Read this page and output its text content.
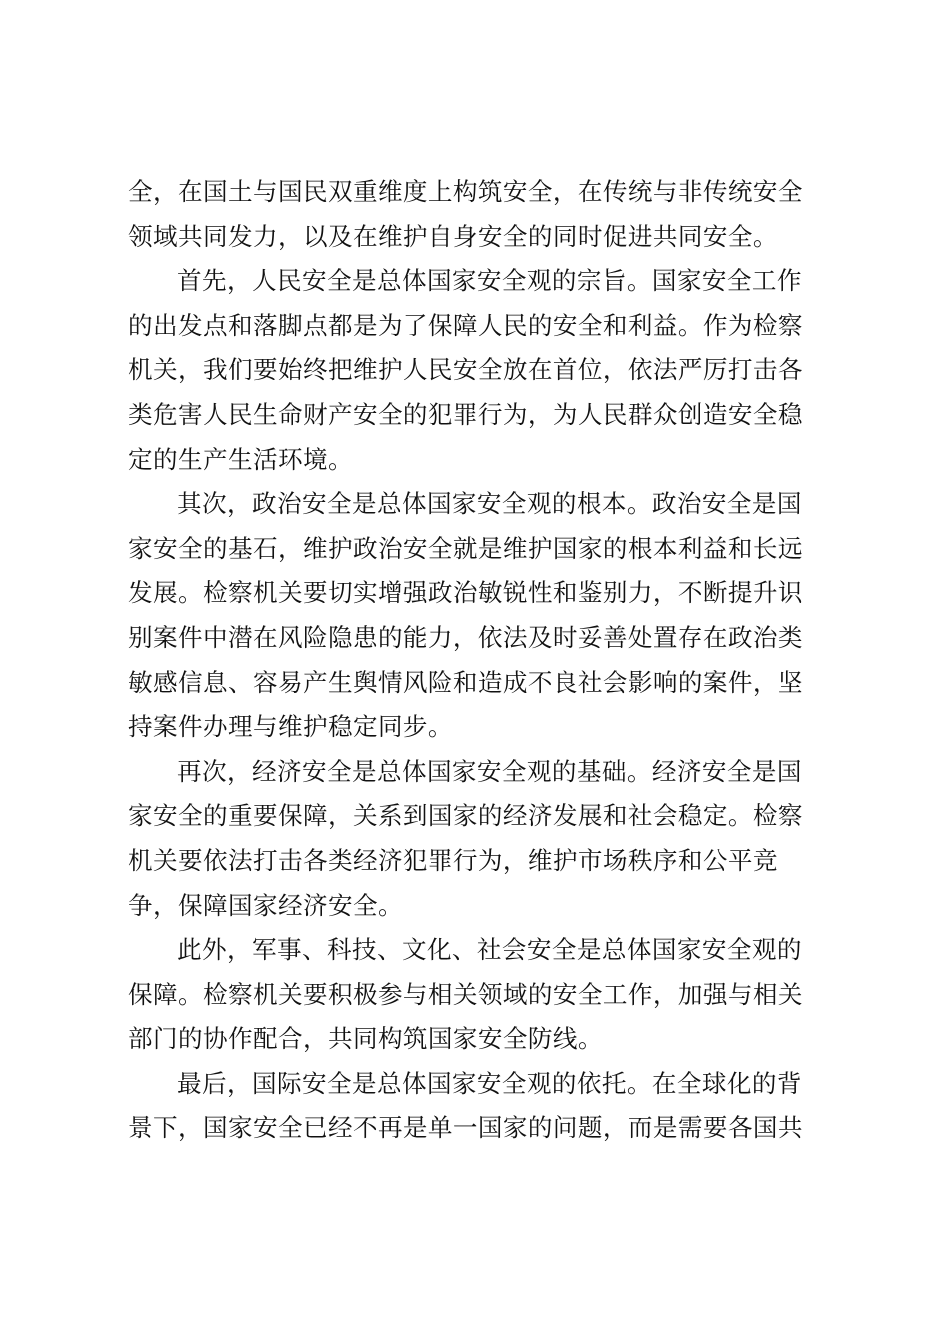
全，在国土与国民双重维度上构筑安全，在传统与非传统安全
领域共同发力，以及在维护自身安全的同时促进共同安全。
首先，人民安全是总体国家安全观的宗旨。国家安全工作
的出发点和落脚点都是为了保障人民的安全和利益。作为检察
机关，我们要始终把维护人民安全放在首位，依法严厉打击各
类危害人民生命财产安全的犯罪行为，为人民群众创造安全稳
定的生产生活环境。
其次，政治安全是总体国家安全观的根本。政治安全是国
家安全的基石，维护政治安全就是维护国家的根本利益和长远
发展。检察机关要切实增强政治敏锐性和鉴别力，不断提升识
别案件中潜在风险隐患的能力，依法及时妥善处置存在政治类
敏感信息、容易产生舆情风险和造成不良社会影响的案件，坚
持案件办理与维护稳定同步。
再次，经济安全是总体国家安全观的基础。经济安全是国
家安全的重要保障，关系到国家的经济发展和社会稳定。检察
机关要依法打击各类经济犯罪行为，维护市场秩序和公平竞
争，保障国家经济安全。
此外，军事、科技、文化、社会安全是总体国家安全观的
保障。检察机关要积极参与相关领域的安全工作，加强与相关
部门的协作配合，共同构筑国家安全防线。
最后，国际安全是总体国家安全观的依托。在全球化的背
景下，国家安全已经不再是单一国家的问题，而是需要各国共
